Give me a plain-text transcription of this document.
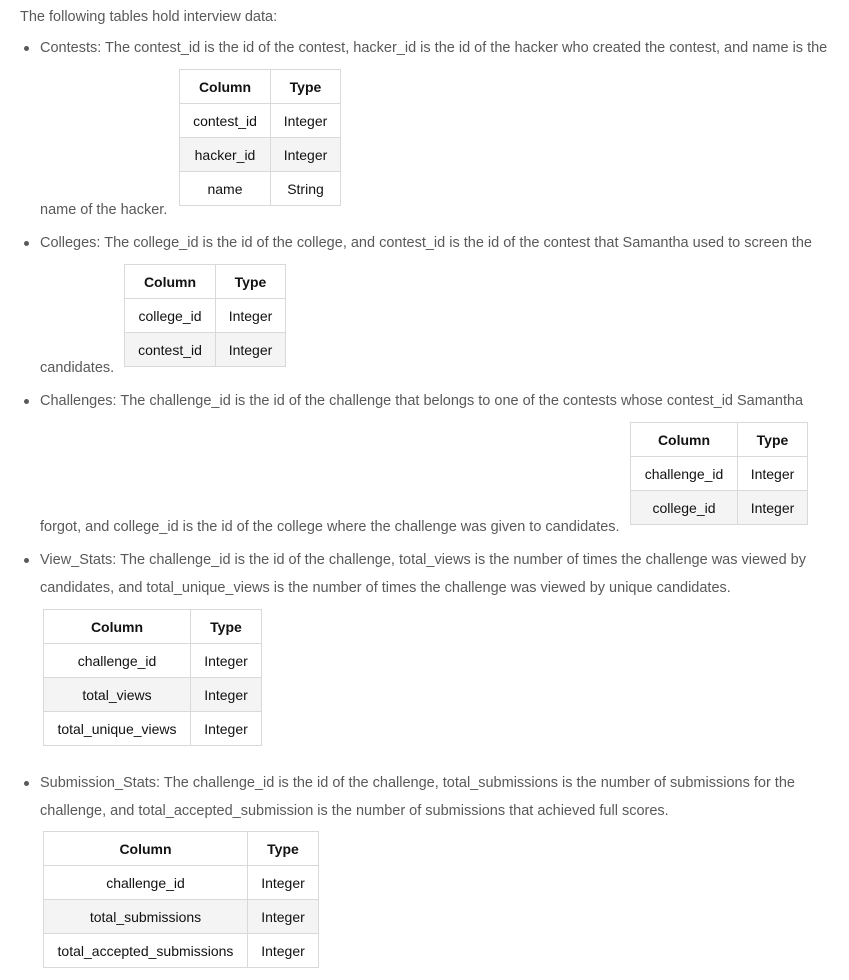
The following tables hold interview data:
Contests: The contest_id is the id of the contest, hacker_id is the id of the hacker who created the contest, and name is the
Column	Type
contest_id	Integer
hacker_id	Integer
name	String
name of the hacker.
Colleges: The college_id is the id of the college, and contest_id is the id of the contest that Samantha used to screen the
Column	Type
college_id	Integer
contest_id	Integer
candidates.
Challenges: The challenge_id is the id of the challenge that belongs to one of the contests whose contest_id Samantha
Column	Type
challenge_id	Integer
college_id	Integer
forgot, and college_id is the id of the college where the challenge was given to candidates.
View_Stats: The challenge_id is the id of the challenge, total_views is the number of times the challenge was viewed by
candidates, and total_unique_views is the number of times the challenge was viewed by unique candidates.
Column	Type
challenge_id	Integer
total_views	Integer
total_unique_views	Integer
Submission_Stats: The challenge_id is the id of the challenge, total_submissions is the number of submissions for the
challenge, and total_accepted_submission is the number of submissions that achieved full scores.
Column	Type
challenge_id	Integer
total_submissions	Integer
total_accepted_submissions	Integer
